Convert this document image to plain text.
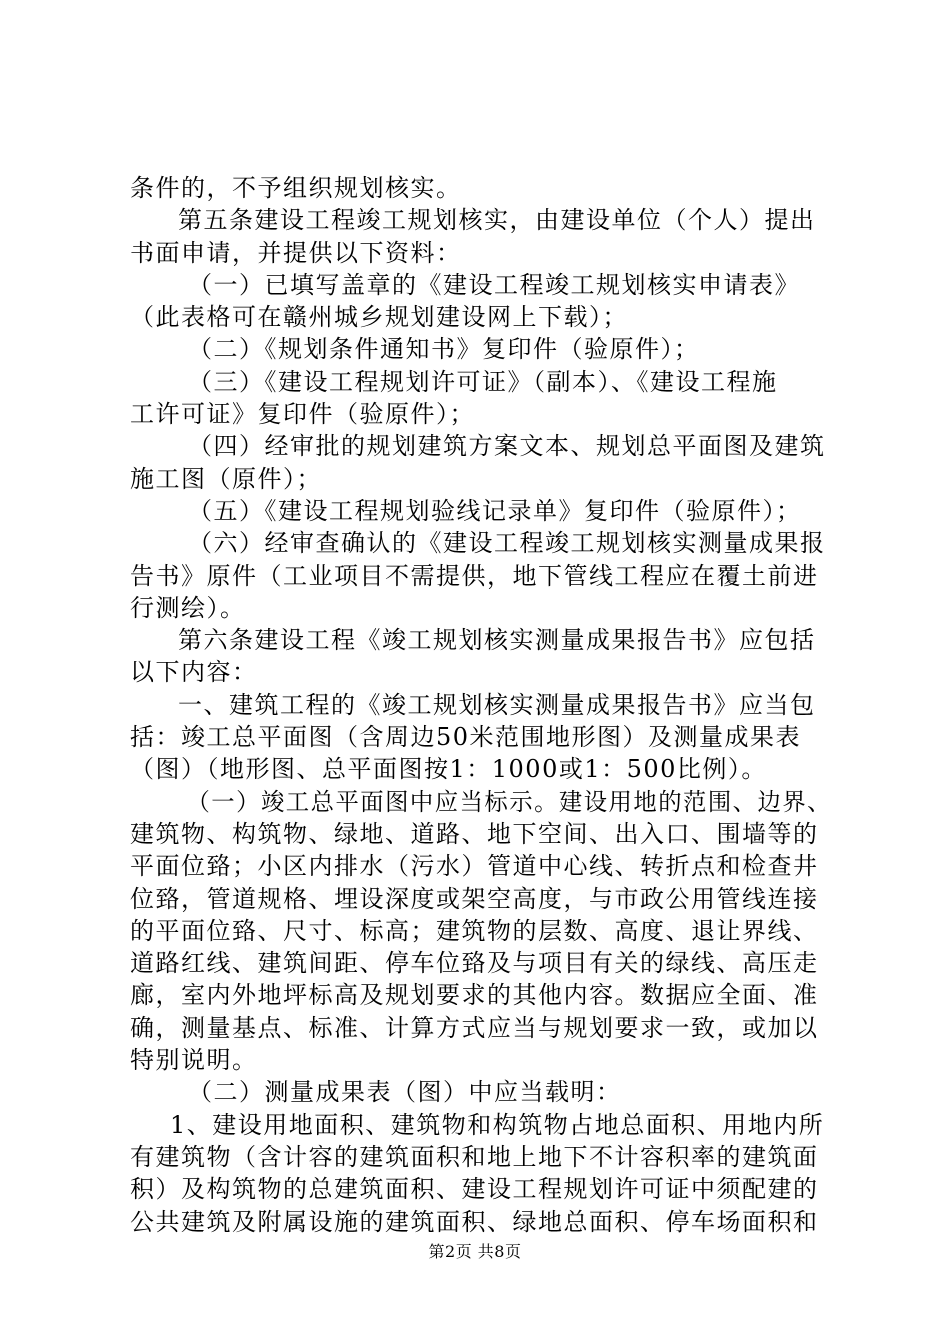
条件的，不予组织规划核实。
第五条建设工程竣工规划核实，由建设单位（个人）提出
书面申请，并提供以下资料：
（一）已填写盖章的《建设工程竣工规划核实申请表》
（此表格可在赣州城乡规划建设网上下载）；
（二）《规划条件通知书》复印件（验原件）；
（三）《建设工程规划许可证》（副本）、《建设工程施
工许可证》复印件（验原件）；
（四）经审批的规划建筑方案文本、规划总平面图及建筑
施工图（原件）；
（五）《建设工程规划验线记录单》复印件（验原件）；
（六）经审查确认的《建设工程竣工规划核实测量成果报
告书》原件（工业项目不需提供，地下管线工程应在覆土前进
行测绘）。
第六条建设工程《竣工规划核实测量成果报告书》应包括
以下内容：
一、建筑工程的《竣工规划核实测量成果报告书》应当包
括：竣工总平面图（含周边50米范围地形图）及测量成果表
（图）（地形图、总平面图按1：1000或1：500比例）。
（一）竣工总平面图中应当标示。建设用地的范围、边界、
建筑物、构筑物、绿地、道路、地下空间、出入口、围墙等的
平面位臵；小区内排水（污水）管道中心线、转折点和检查井
位臵，管道规格、埋设深度或架空高度，与市政公用管线连接
的平面位臵、尺寸、标高；建筑物的层数、高度、退让界线、
道路红线、建筑间距、停车位臵及与项目有关的绿线、高压走
廊，室内外地坪标高及规划要求的其他内容。数据应全面、准
确，测量基点、标准、计算方式应当与规划要求一致，或加以
特别说明。
（二）测量成果表（图）中应当载明：
1、建设用地面积、建筑物和构筑物占地总面积、用地内所
有建筑物（含计容的建筑面积和地上地下不计容积率的建筑面
积）及构筑物的总建筑面积、建设工程规划许可证中须配建的
公共建筑及附属设施的建筑面积、绿地总面积、停车场面积和
第2页 共8页
